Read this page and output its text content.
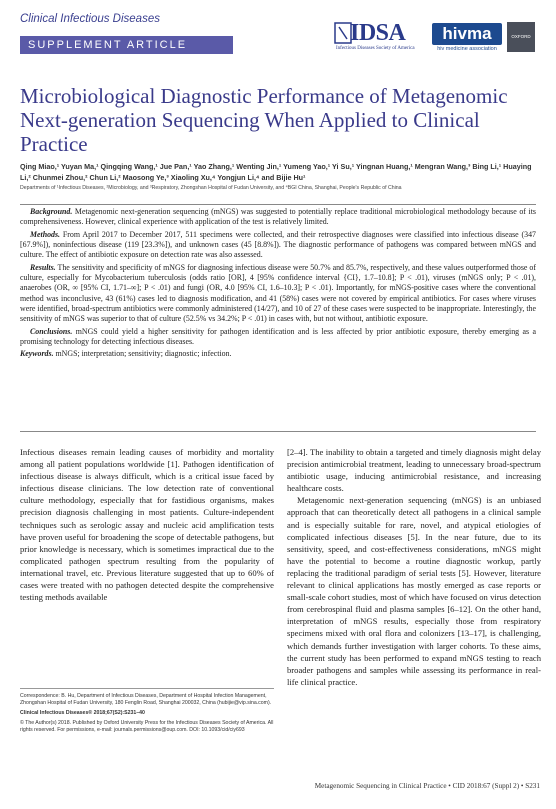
Clinical Infectious Diseases
SUPPLEMENT ARTICLE	IDSA
Infectious Diseases Society of America
hivma
hiv medicine association
OXFORD
Microbiological Diagnostic Performance of Metagenomic Next-generation Sequencing When Applied to Clinical Practice
Qing Miao,¹ Yuyan Ma,¹ Qingqing Wang,¹ Jue Pan,¹ Yao Zhang,¹ Wenting Jin,¹ Yumeng Yao,¹ Yi Su,¹ Yingnan Huang,¹ Mengran Wang,³ Bing Li,¹ Huaying Li,² Chunmei Zhou,² Chun Li,² Maosong Ye,³ Xiaoling Xu,⁴ Yongjun Li,⁴ and Bijie Hu¹
Departments of ¹Infectious Diseases, ²Microbiology, and ³Respiratory, Zhongshan Hospital of Fudan University, and ⁴BGI China, Shanghai, People's Republic of China

Background. Metagenomic next-generation sequencing (mNGS) was suggested to potentially replace traditional microbiological methodology because of its comprehensiveness. However, clinical experience with application of the test is relatively limited.

Methods. From April 2017 to December 2017, 511 specimens were collected, and their retrospective diagnoses were classified into infectious disease (347 [67.9%]), noninfectious disease (119 [23.3%]), and unknown cases (45 [8.8%]). The diagnostic performance of pathogens was compared between mNGS and culture. The effect of antibiotic exposure on detection rate was also assessed.

Results. The sensitivity and specificity of mNGS for diagnosing infectious disease were 50.7% and 85.7%, respectively, and these values outperformed those of culture, especially for Mycobacterium tuberculosis (odds ratio [OR], 4 [95% confidence interval {CI}, 1.7–10.8]; P < .01), viruses (mNGS only; P < .01), anaerobes (OR, ∞ [95% CI, 1.71–∞]; P < .01) and fungi (OR, 4.0 [95% CI, 1.6–10.3]; P < .01). Importantly, for mNGS-positive cases where the conventional method was inconclusive, 43 (61%) cases led to diagnosis modification, and 41 (58%) cases were not covered by empirical antibiotics. For cases where viruses were identified, broad-spectrum antibiotics were commonly administered (14/27), and 10 of 27 of these cases were suspected to be inappropriate. Interestingly, the sensitivity of mNGS was superior to that of culture (52.5% vs 34.2%; P < .01) in cases with, but not without, antibiotic exposure.

Conclusions. mNGS could yield a higher sensitivity for pathogen identification and is less affected by prior antibiotic exposure, thereby emerging as a promising technology for detecting infectious diseases.

Keywords. mNGS; interpretation; sensitivity; diagnostic; infection.

Infectious diseases remain leading causes of morbidity and mortality among all patient populations worldwide [1]. Pathogen identification of infectious disease is always difficult, which is a critical issue faced by infectious disease clinicians. The low detection rate of conventional culture methodology, especially that for fastidious organisms, makes precision diagnosis challenging in most patients. Culture-independent techniques such as serologic assay and nucleic acid amplification tests have proven useful for broadening the scope of detectable pathogens, but prior knowledge is necessary, which is sometimes impractical due to the complicated pathogen spectrum resulting from the popularity of international travel, etc. Previous literature suggested that up to 60% of cases were treated with no pathogen detected despite the comprehensive testing methods available

[2–4]. The inability to obtain a targeted and timely diagnosis might delay precision antimicrobial treatment, leading to unnecessary broad-spectrum antibiotic usage, inducing antimicrobial resistance, and increasing healthcare costs.

Metagenomic next-generation sequencing (mNGS) is an unbiased approach that can theoretically detect all pathogens in a clinical sample and is especially suitable for rare, novel, and atypical etiologies of complicated infectious diseases [5]. In the near future, due to its sensitivity, speed, and cost-effectiveness considerations, mNGS might have the potential to become a routine diagnostic workup, partly replacing the traditional paradigm of serial tests [5]. However, literature relevant to clinical applications has mostly emerged as case reports or small-scale cohort studies, most of which have focused on virus detection from cerebrospinal fluid and plasma samples [6–12]. On the other hand, interpretation of mNGS results, especially those from respiratory specimens mixed with oral flora and colonizers [13–17], is challenging, which demands further investigation with larger cohorts. To these aims, the current study has been performed to expand mNGS testing to reach broader pathogens and samples while assessing its performance in real-life clinical practice.

Correspondence: B. Hu, Department of Infectious Diseases, Department of Hospital Infection Management, Zhongshan Hospital of Fudan University, 180 Fenglin Road, Shanghai 200032, China (hubijie@vip.sina.com).

Clinical Infectious Diseases® 2018;67(S2):S231–40

© The Author(s) 2018. Published by Oxford University Press for the Infectious Diseases Society of America. All rights reserved. For permissions, e-mail: journals.permissions@oup.com. DOI: 10.1093/cid/ciy693

Metagenomic Sequencing in Clinical Practice • CID 2018:67 (Suppl 2) • S231
